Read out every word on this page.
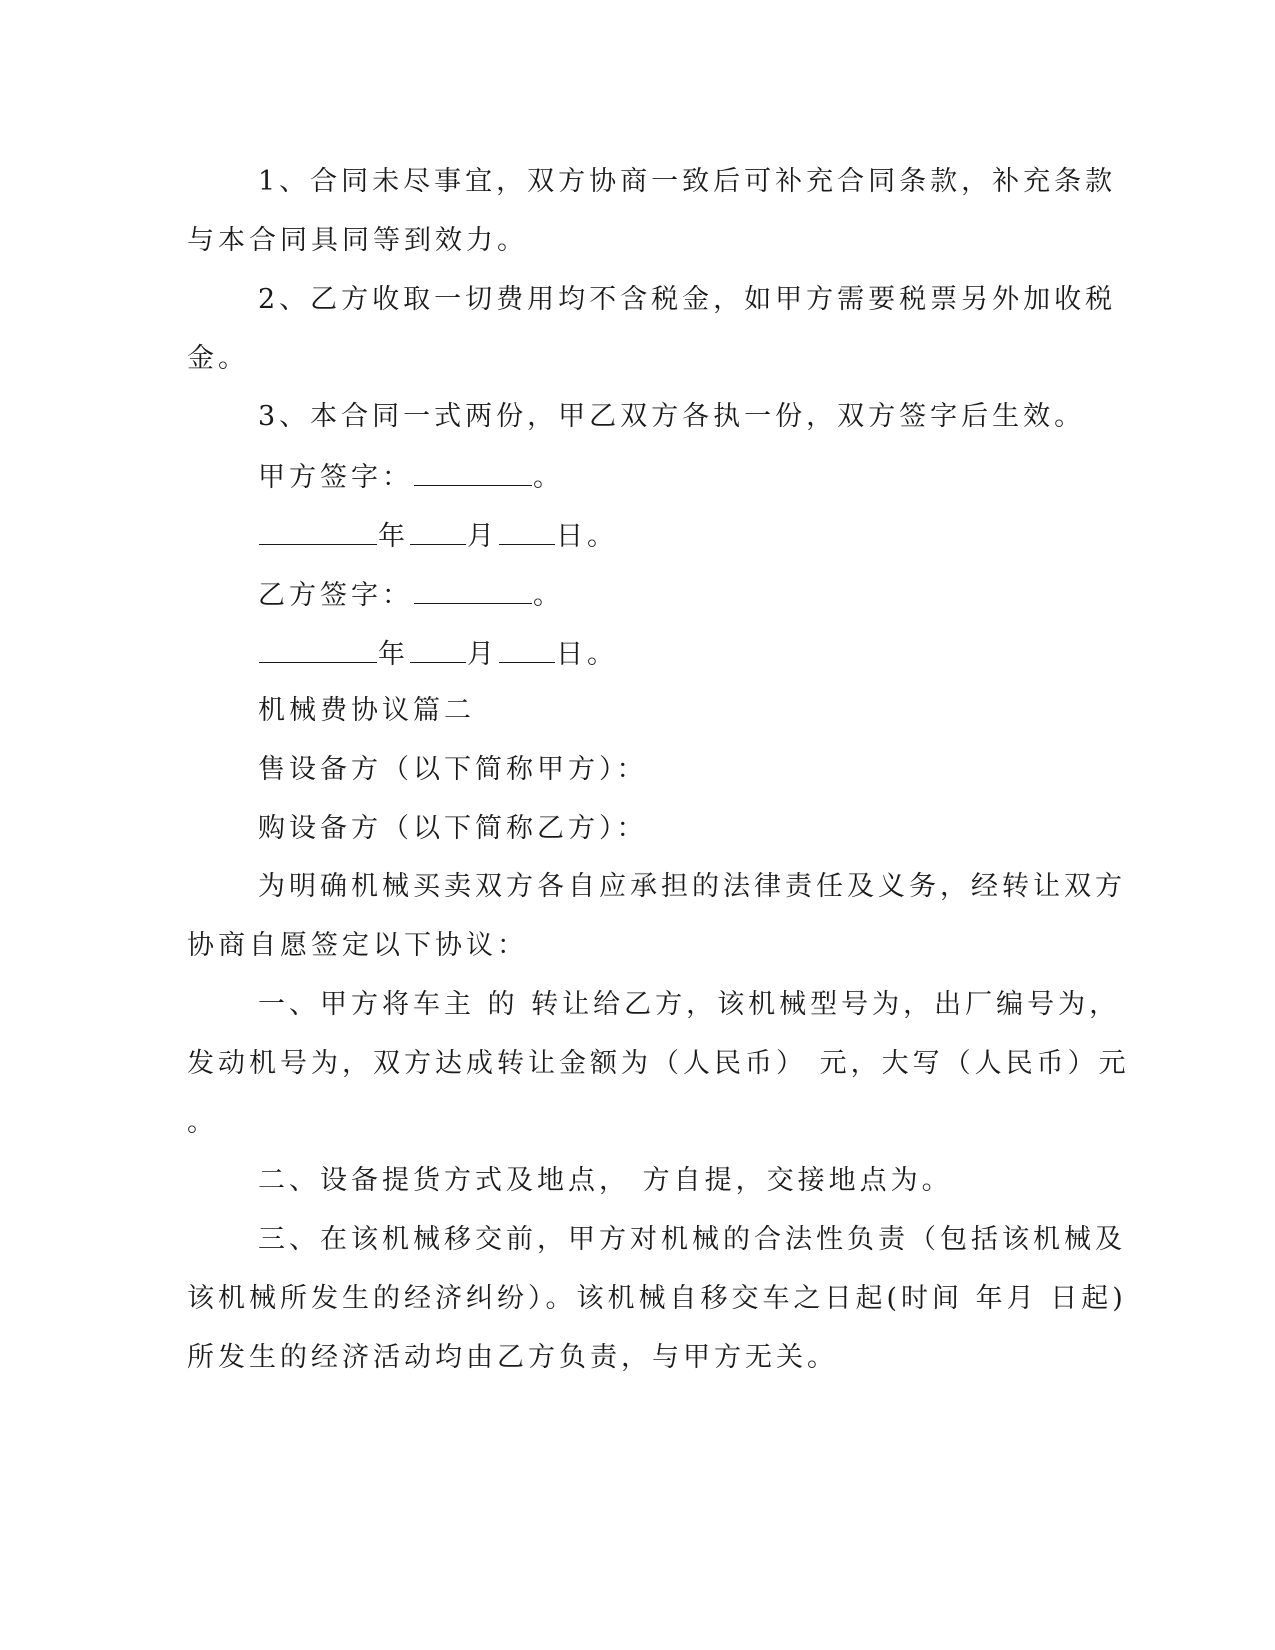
1、合同未尽事宜，双方协商一致后可补充合同条款，补充条款
与本合同具同等到效力。
2、乙方收取一切费用均不含税金，如甲方需要税票另外加收税
金。
3、本合同一式两份，甲乙双方各执一份，双方签字后生效。
甲方签字：	。
年 月 日。
乙方签字：	。
年 月 日。
机械费协议篇二
售设备方（以下简称甲方）：
购设备方（以下简称乙方）：
为明确机械买卖双方各自应承担的法律责任及义务，经转让双方
协商自愿签定以下协议：
一、甲方将车主 的 转让给乙方，该机械型号为，出厂编号为，
发动机号为，双方达成转让金额为（人民币） 元，大写（人民币）元
。
二、设备提货方式及地点， 方自提，交接地点为。
三、在该机械移交前，甲方对机械的合法性负责（包括该机械及
该机械所发生的经济纠纷）。该机械自移交车之日起(时间 年月 日起)
所发生的经济活动均由乙方负责，与甲方无关。
